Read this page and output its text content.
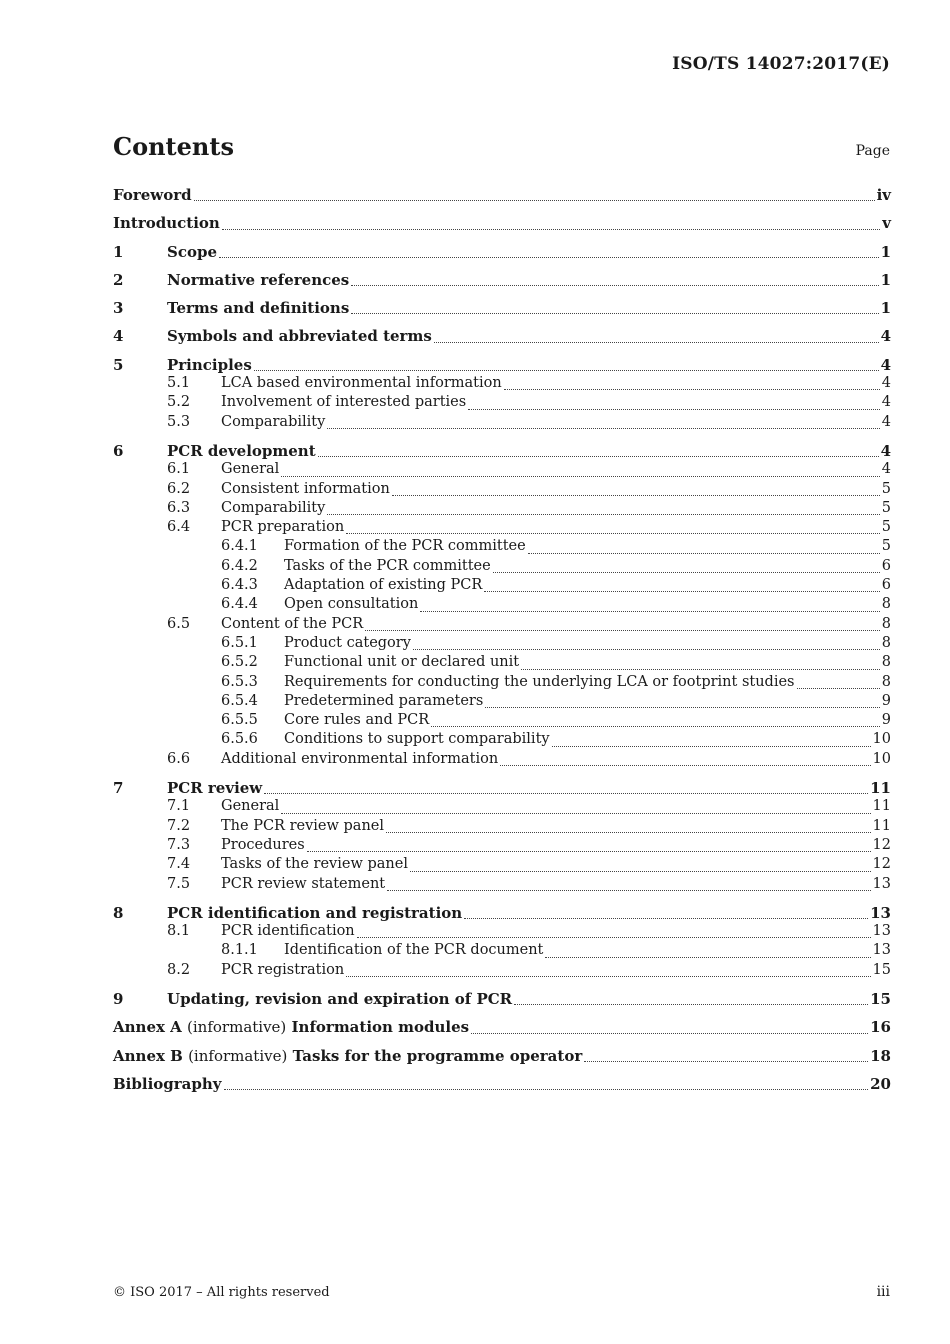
ISO/TS 14027:2017(E)
Contents	Page
Foreword	iv
Introduction	v
1	Scope	1
2	Normative references	1
3	Terms and definitions	1
4	Symbols and abbreviated terms	4
5	Principles	4
5.1	LCA based environmental information	4
5.2	Involvement of interested parties	4
5.3	Comparability	4
6	PCR development	4
6.1	General	4
6.2	Consistent information	5
6.3	Comparability	5
6.4	PCR preparation	5
6.4.1	Formation of the PCR committee	5
6.4.2	Tasks of the PCR committee	6
6.4.3	Adaptation of existing PCR	6
6.4.4	Open consultation	8
6.5	Content of the PCR	8
6.5.1	Product category	8
6.5.2	Functional unit or declared unit	8
6.5.3	Requirements for conducting the underlying LCA or footprint studies	8
6.5.4	Predetermined parameters	9
6.5.5	Core rules and PCR	9
6.5.6	Conditions to support comparability	10
6.6	Additional environmental information	10
7	PCR review	11
7.1	General	11
7.2	The PCR review panel	11
7.3	Procedures	12
7.4	Tasks of the review panel	12
7.5	PCR review statement	13
8	PCR identification and registration	13
8.1	PCR identification	13
8.1.1	Identification of the PCR document	13
8.2	PCR registration	15
9	Updating, revision and expiration of PCR	15
Annex A (informative) Information modules	16
Annex B (informative) Tasks for the programme operator	18
Bibliography	20
© ISO 2017 – All rights reserved	iii
